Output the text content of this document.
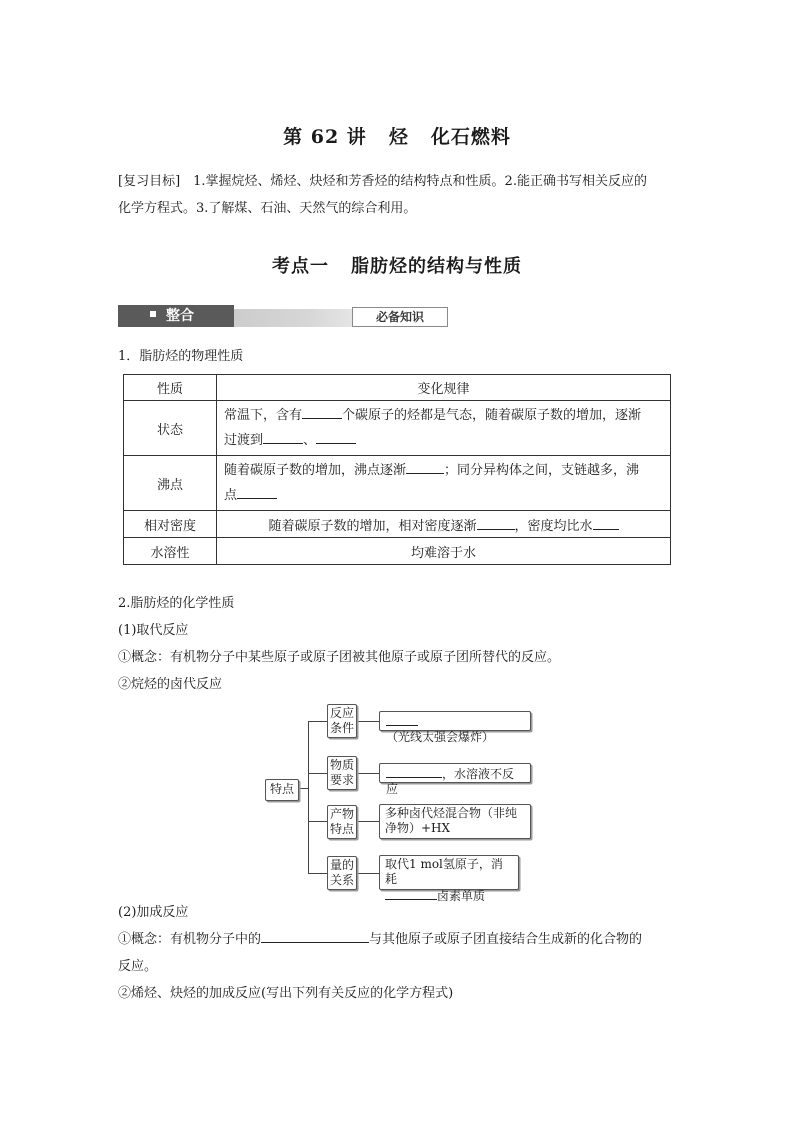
第 62 讲 烃 化石燃料
[复习目标]　1.掌握烷烃、烯烃、炔烃和芳香烃的结构特点和性质。2.能正确书写相关反应的
化学方程式。3.了解煤、石油、天然气的综合利用。
考点一 脂肪烃的结构与性质
整合	必备知识
1．脂肪烃的物理性质
性质	变化规律
状态	常温下，含有 个碳原子的烃都是气态，随着碳原子数的增加，逐渐
过渡到 、
沸点	随着碳原子数的增加，沸点逐渐 ；同分异构体之间，支链越多，沸
点
相对密度	随着碳原子数的增加，相对密度逐渐 ，密度均比水
水溶性	均难溶于水
2.脂肪烃的化学性质
(1)取代反应
①概念：有机物分子中某些原子或原子团被其他原子或原子团所替代的反应。
②烷烃的卤代反应
特点
反应
条件
（光线太强会爆炸）
物质
要求	，水溶液不反应
产物
特点
多种卤代烃混合物（非纯
净物）+HX
量的
关系
取代1 mol氢原子，消耗
卤素单质
(2)加成反应
①概念：有机物分子中的	与其他原子或原子团直接结合生成新的化合物的
反应。
②烯烃、炔烃的加成反应(写出下列有关反应的化学方程式)
